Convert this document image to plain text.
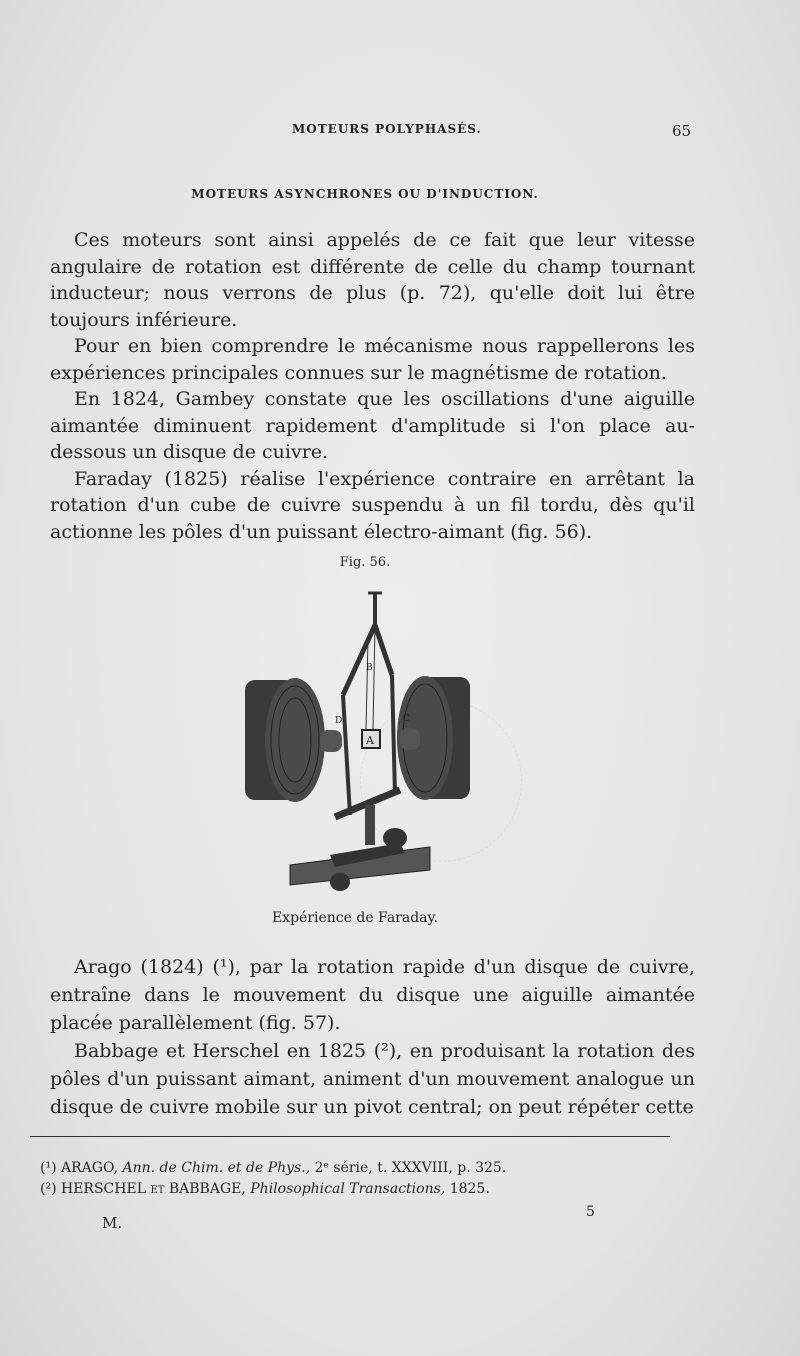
MOTEURS POLYPHASÉS.	65
MOTEURS ASYNCHRONES OU D'INDUCTION.

Ces moteurs sont ainsi appelés de ce fait que leur vitesse angulaire de rotation est différente de celle du champ tournant inducteur; nous verrons de plus (p. 72), qu'elle doit lui être toujours inférieure.

Pour en bien comprendre le mécanisme nous rappellerons les expériences principales connues sur le magnétisme de rotation.

En 1824, Gambey constate que les oscillations d'une aiguille aimantée diminuent rapidement d'amplitude si l'on place au-dessous un disque de cuivre.

Faraday (1825) réalise l'expérience contraire en arrêtant la rotation d'un cube de cuivre suspendu à un fil tordu, dès qu'il actionne les pôles d'un puissant électro-aimant (fig. 56).

Fig. 56.
A
B
D	C
Expérience de Faraday.

Arago (1824) (¹), par la rotation rapide d'un disque de cuivre, entraîne dans le mouvement du disque une aiguille aimantée placée parallèlement (fig. 57).

Babbage et Herschel en 1825 (²), en produisant la rotation des pôles d'un puissant aimant, animent d'un mouvement analogue un disque de cuivre mobile sur un pivot central; on peut répéter cette

(¹) ARAGO, Ann. de Chim. et de Phys., 2ᵉ série, t. XXXVIII, p. 325.
(²) HERSCHEL et BABBAGE, Philosophical Transactions, 1825.
M.
5
